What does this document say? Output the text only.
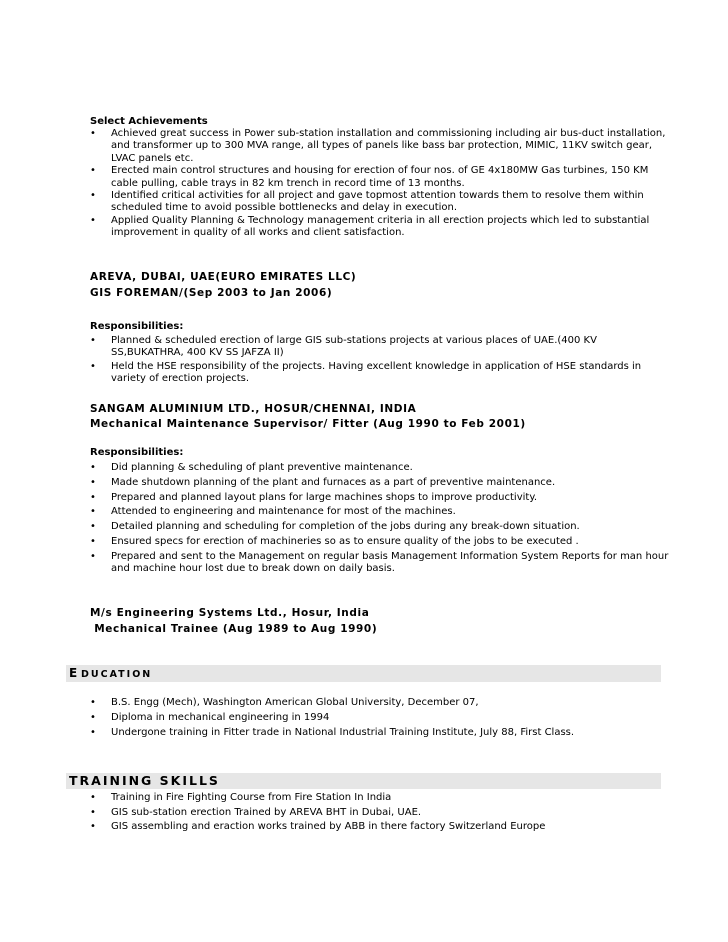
Select Achievements
• Achieved great success in Power sub-station installation and commissioning including air bus-duct installation, and transformer up to 300 MVA range, all types of panels like bass bar protection, MIMIC, 11KV switch gear, LVAC panels etc.
• Erected main control structures and housing for erection of four nos. of GE 4x180MW Gas turbines, 150 KM cable pulling, cable trays in 82 km trench in record time of 13 months.
• Identified critical activities for all project and gave topmost attention towards them to resolve them within scheduled time to avoid possible bottlenecks and delay in execution.
• Applied Quality Planning & Technology management criteria in all erection projects which led to substantial improvement in quality of all works and client satisfaction.
AREVA, DUBAI, UAE(EURO EMIRATES LLC)
GIS FOREMAN/(Sep 2003 to Jan 2006)
Responsibilities:
• Planned & scheduled erection of large GIS sub-stations projects at various places of UAE.(400 KV SS,BUKATHRA, 400 KV SS JAFZA II)
• Held the HSE responsibility of the projects. Having excellent knowledge in application of HSE standards in variety of erection projects.
SANGAM ALUMINIUM LTD., HOSUR/CHENNAI, INDIA
Mechanical Maintenance Supervisor/ Fitter (Aug 1990 to Feb 2001)
Responsibilities:
• Did planning & scheduling of plant preventive maintenance.
• Made shutdown planning of the plant and furnaces as a part of preventive maintenance.
• Prepared and planned layout plans for large machines shops to improve productivity.
• Attended to engineering and maintenance for most of the machines.
• Detailed planning and scheduling for completion of the jobs during any break-down situation.
• Ensured specs for erection of machineries so as to ensure quality of the jobs to be executed .
• Prepared and sent to the Management on regular basis Management Information System Reports for man hour and machine hour lost due to break down on daily basis.
M/s Engineering Systems Ltd., Hosur, India
Mechanical Trainee (Aug 1989 to Aug 1990)
E DUCATION
• B.S. Engg (Mech), Washington American Global University, December 07,
• Diploma in mechanical engineering in 1994
• Undergone training in Fitter trade in National Industrial Training Institute, July 88, First Class.
TRAINING SKILLS
• Training in Fire Fighting Course from Fire Station In India
• GIS sub-station erection Trained by AREVA BHT in Dubai, UAE.
• GIS assembling and eraction works trained by ABB in there factory Switzerland Europe
